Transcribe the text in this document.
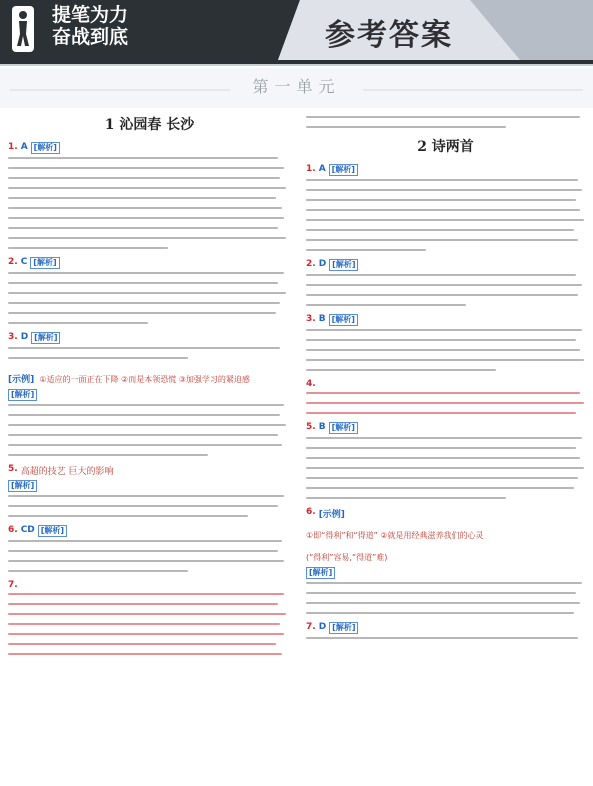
提笔为力
奋战到底	参考答案
第一单元
1 沁园春 长沙
1. A [解析]
2. C [解析]
3. D [解析]
[示例] ①适应的一面正在下降 ②而是本领恐慌 ③加强学习的紧迫感
[解析]
5. 高超的技艺 巨大的影响
[解析]
6. CD [解析]
7.
2 诗两首
1. A [解析]
2. D [解析]
3. B [解析]
4.
5. B [解析]
6. [示例]
①即“得利”和“得道” ②就是用经典滋养我们的心灵
(“得利”容易,“得道”难)
[解析]
7. D [解析]
